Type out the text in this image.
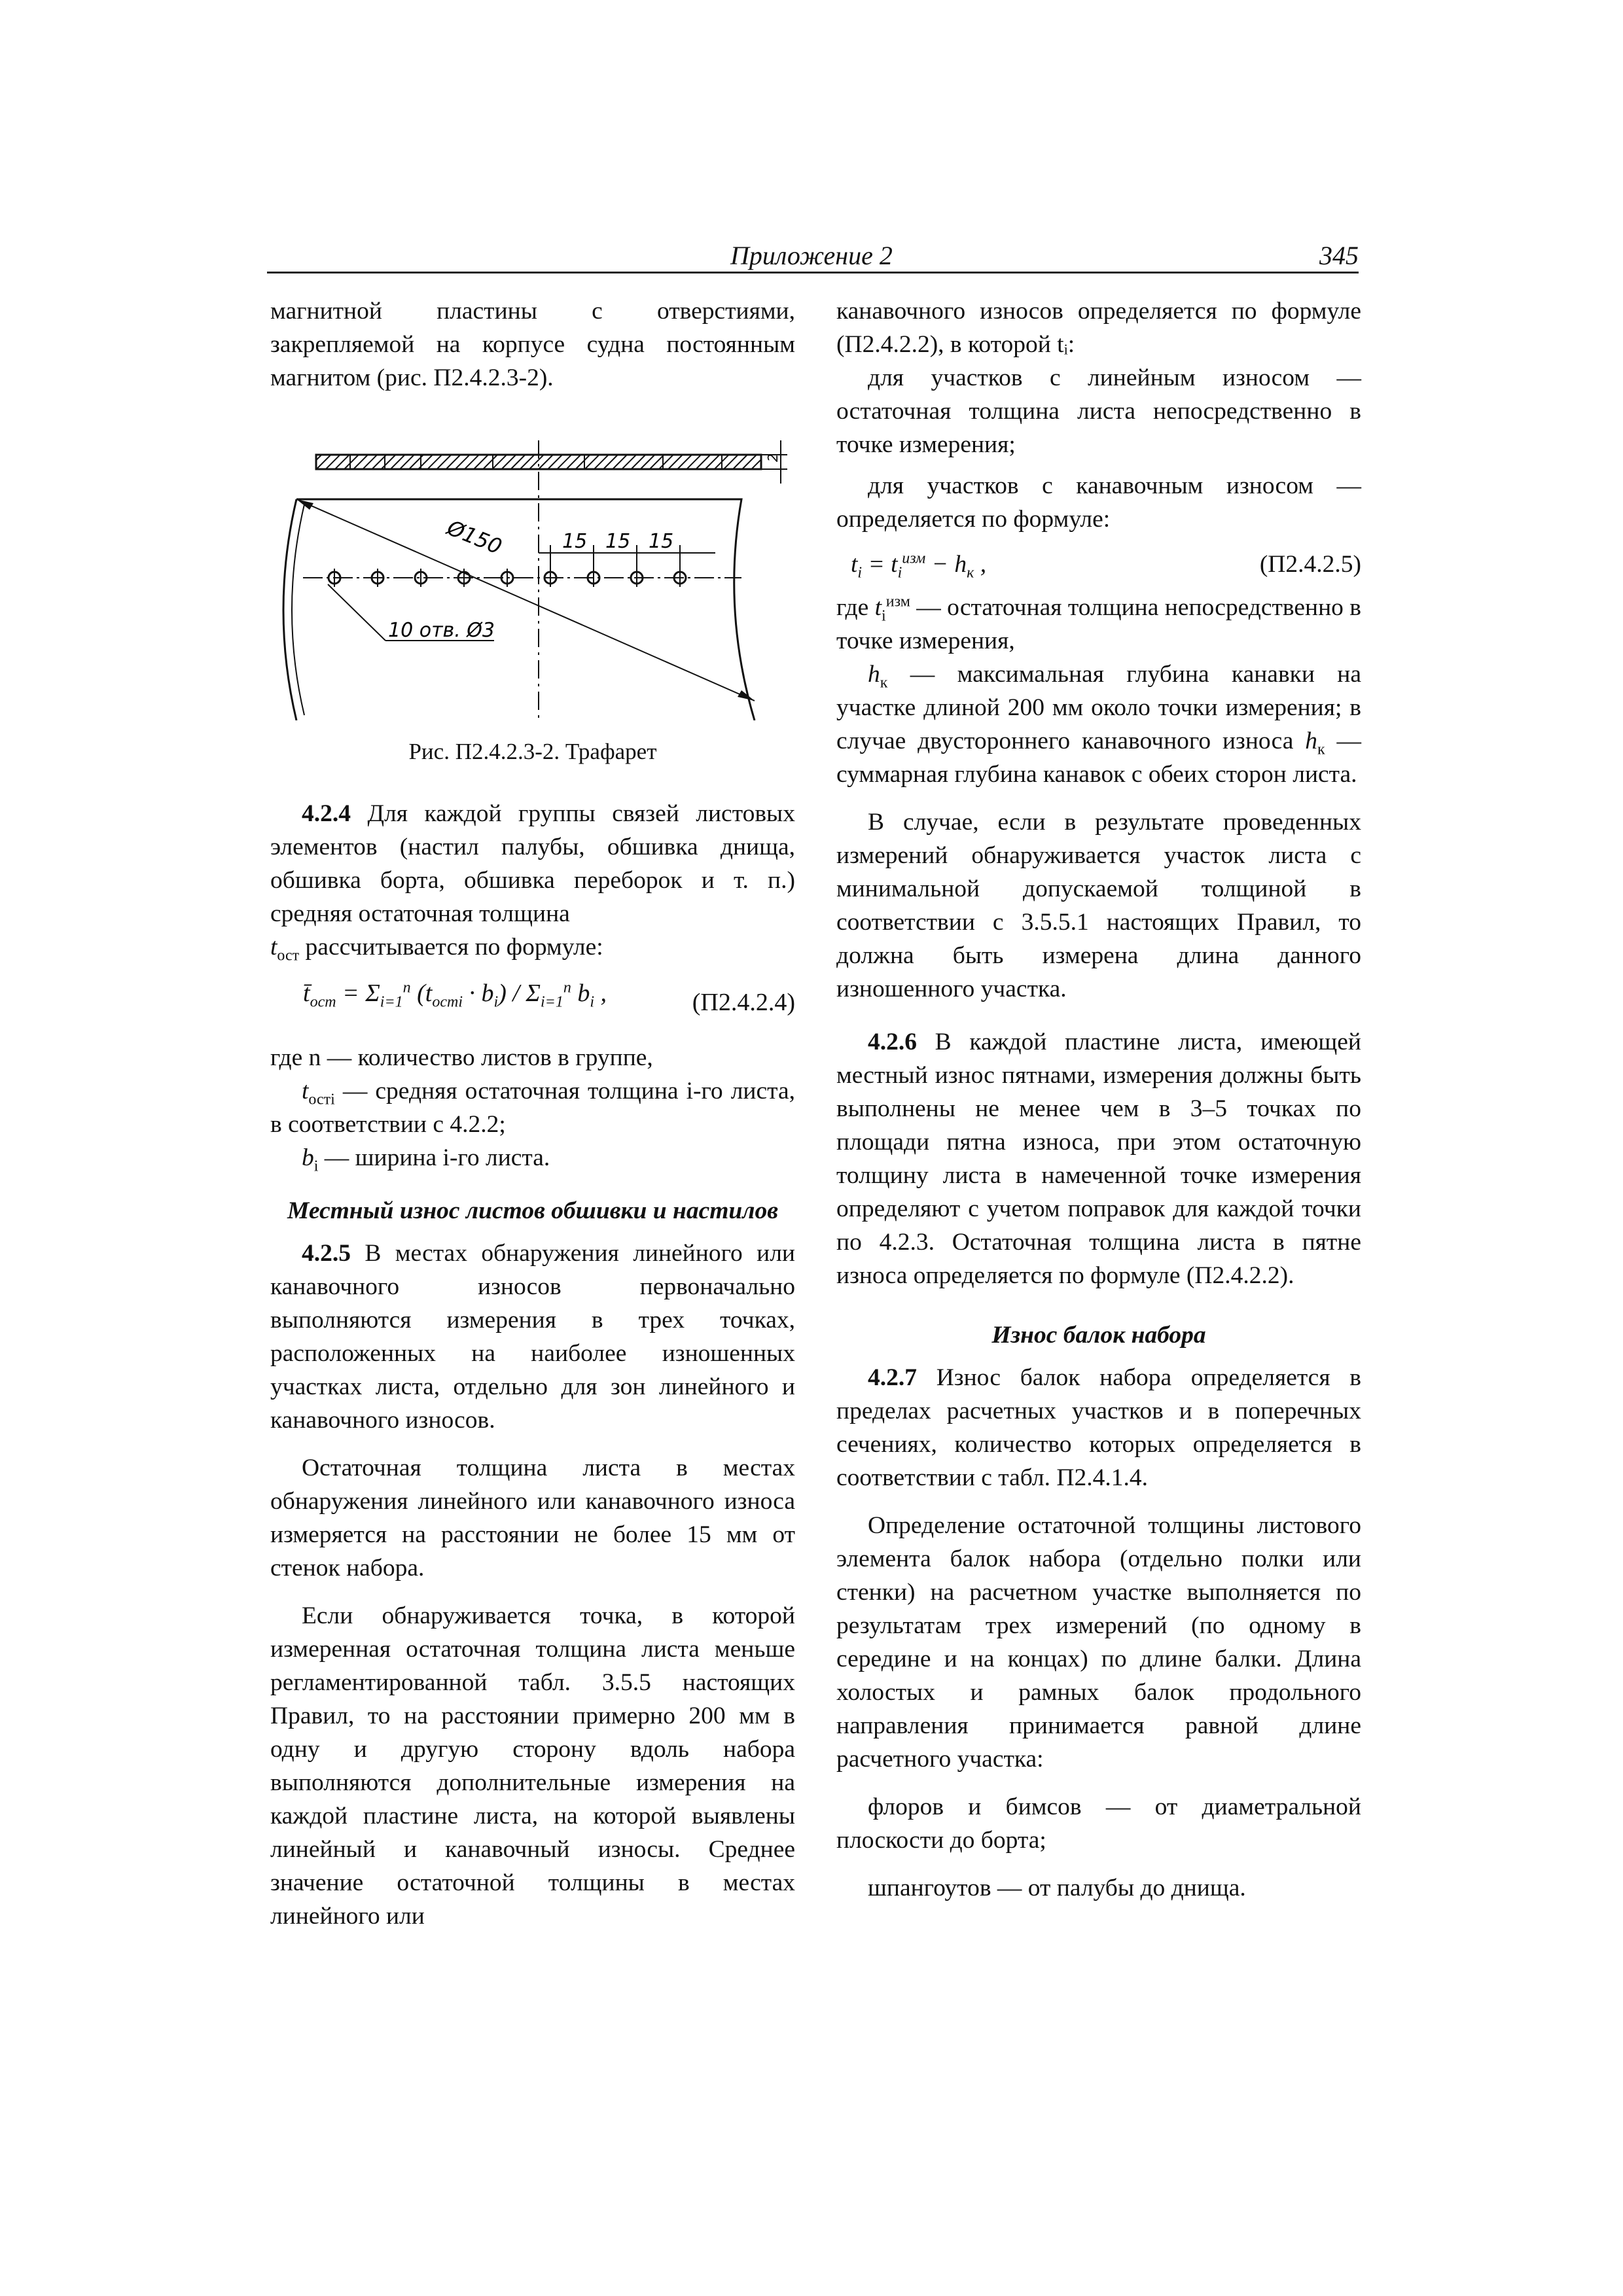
Приложение 2	345

магнитной пластины с отверстиями, закрепляемой на корпусе судна постоянным магнитом (рис. П2.4.2.3-2).

2
Ø150	15 15 15
10 отв. Ø3

Рис. П2.4.2.3-2. Трафарет

4.2.4 Для каждой группы связей листовых элементов (настил палубы, обшивка днища, обшивка борта, обшивка переборок и т. п.) средняя остаточная толщина

$t_{ост}$ рассчитывается по формуле:

$t̄_{ост} = \Sigma_{i=1}^n$ $(t_{остi} \cdot b_i) / \Sigma_{i=1}^n$ $b_i$ ,	(П2.4.2.4)

где n — количество листов в группе,

$t_{остi}$ — средняя остаточная толщина i-го листа, в соответствии с 4.2.2;

$b_i$ — ширина i-го листа.

Местный износ листов обшивки и настилов

4.2.5 В местах обнаружения линейного или канавочного износов первоначально выполняются измерения в трех точках, расположенных на наиболее изношенных участках листа, отдельно для зон линейного и канавочного износов.

Остаточная толщина листа в местах обнаружения линейного или канавочного износа измеряется на расстоянии не более 15 мм от стенок набора.

Если обнаруживается точка, в которой измеренная остаточная толщина листа меньше регламентированной табл. 3.5.5 настоящих Правил, то на расстоянии примерно 200 мм в одну и другую сторону вдоль набора выполняются дополнительные измерения на каждой пластине листа, на которой выявлены линейный и канавочный износы. Среднее значение остаточной толщины в местах линейного или

канавочного износов определяется по формуле (П2.4.2.2), в которой tᵢ:

для участков с линейным износом — остаточная толщина листа непосредственно в точке измерения;

для участков с канавочным износом — определяется по формуле:

$t_i = t_i^{изм} - h_к$ ,	(П2.4.2.5)

где $t_i^{изм}$ — остаточная толщина непосредственно в точке измерения,

$h_к$ — максимальная глубина канавки на участке длиной 200 мм около точки измерения; в случае двустороннего канавочного износа $h_к$ — суммарная глубина канавок с обеих сторон листа.

В случае, если в результате проведенных измерений обнаруживается участок листа с минимальной допускаемой толщиной в соответствии с 3.5.5.1 настоящих Правил, то должна быть измерена длина данного изношенного участка.

4.2.6 В каждой пластине листа, имеющей местный износ пятнами, измерения должны быть выполнены не менее чем в 3–5 точках по площади пятна износа, при этом остаточную толщину листа в намеченной точке измерения определяют с учетом поправок для каждой точки по 4.2.3. Остаточная толщина листа в пятне износа определяется по формуле (П2.4.2.2).

Износ балок набора

4.2.7 Износ балок набора определяется в пределах расчетных участков и в поперечных сечениях, количество которых определяется в соответствии с табл. П2.4.1.4.

Определение остаточной толщины листового элемента балок набора (отдельно полки или стенки) на расчетном участке выполняется по результатам трех измерений (по одному в середине и на концах) по длине балки. Длина холостых и рамных балок продольного направления принимается равной длине расчетного участка:

флоров и бимсов — от диаметральной плоскости до борта;

шпангоутов — от палубы до днища.
